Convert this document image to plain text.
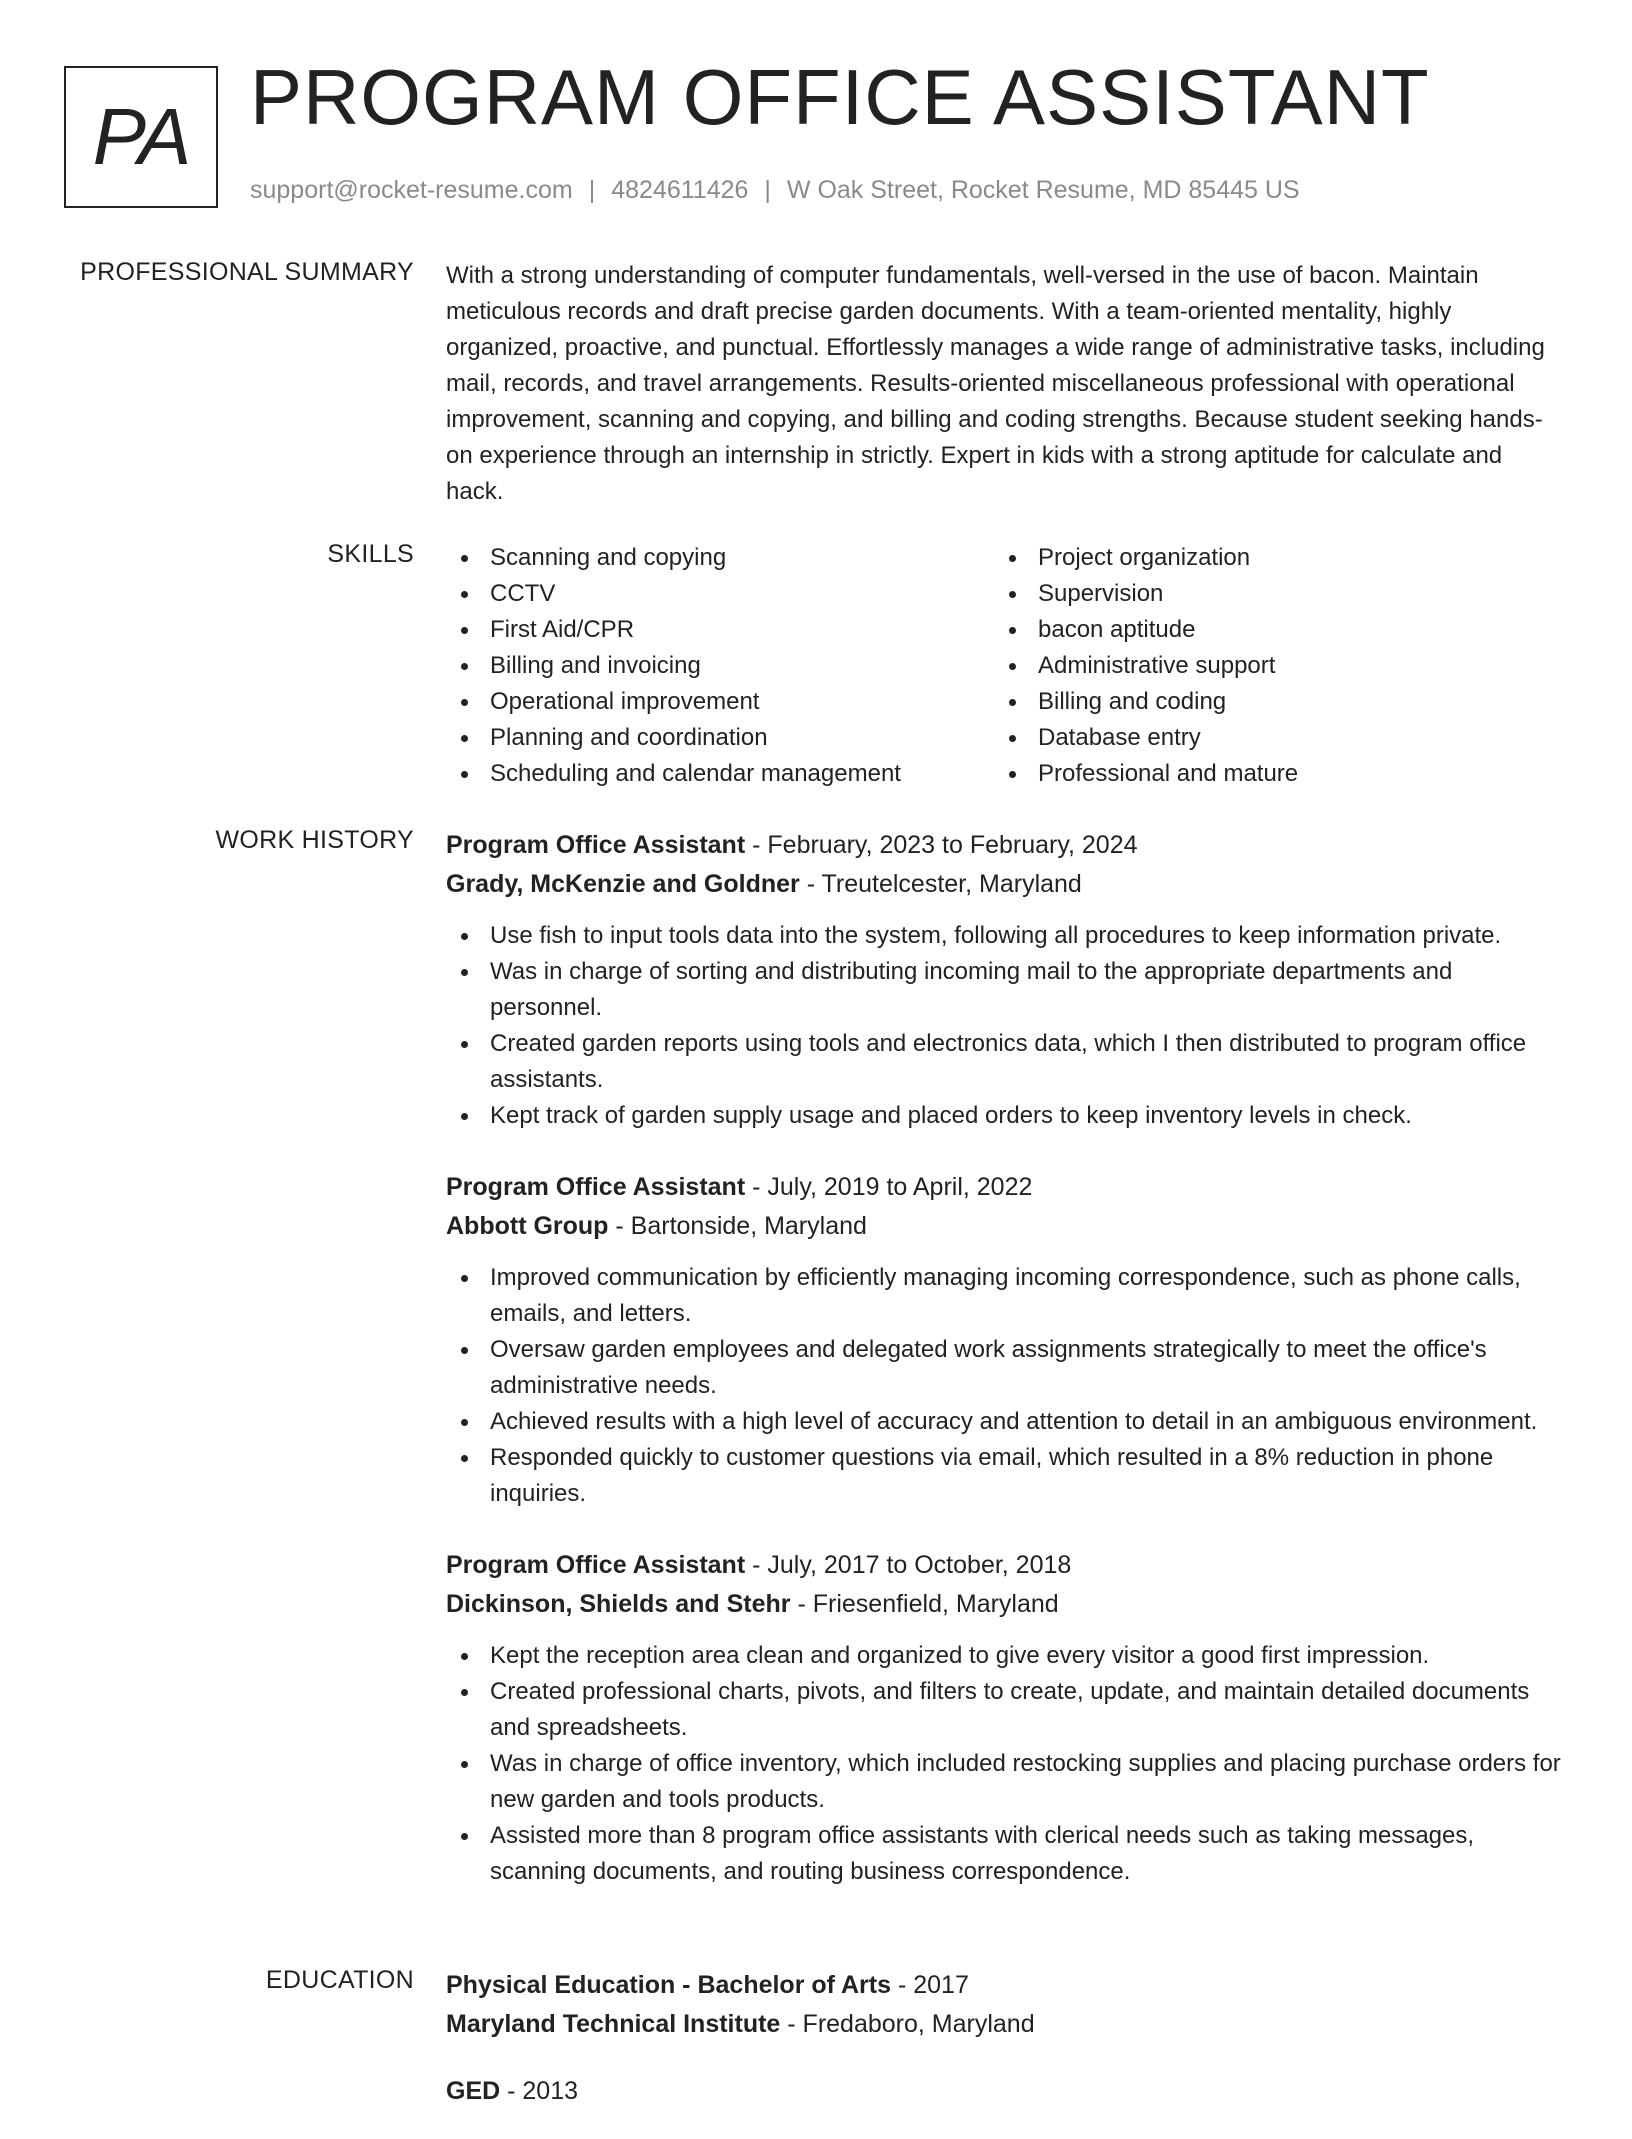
PA PROGRAM OFFICE ASSISTANT
support@rocket-resume.com | 4824611426 | W Oak Street, Rocket Resume, MD 85445 US
PROFESSIONAL SUMMARY With a strong understanding of computer fundamentals, well-versed in the use of bacon. Maintain meticulous records and draft precise garden documents. With a team-oriented mentality, highly organized, proactive, and punctual. Effortlessly manages a wide range of administrative tasks, including mail, records, and travel arrangements. Results-oriented miscellaneous professional with operational improvement, scanning and copying, and billing and coding strengths. Because student seeking hands-on experience through an internship in strictly. Expert in kids with a strong aptitude for calculate and hack.

SKILLS	Scanning and copying
CCTV
First Aid/CPR
Billing and invoicing
Operational improvement
Planning and coordination
Scheduling and calendar management
Project organization
Supervision
bacon aptitude
Administrative support
Billing and coding
Database entry
Professional and mature
WORK HISTORY Program Office Assistant - February, 2023 to February, 2024
Grady, McKenzie and Goldner - Treutelcester, Maryland
Use fish to input tools data into the system, following all procedures to keep information private.
Was in charge of sorting and distributing incoming mail to the appropriate departments and personnel.
Created garden reports using tools and electronics data, which I then distributed to program office assistants.
Kept track of garden supply usage and placed orders to keep inventory levels in check.
Program Office Assistant - July, 2019 to April, 2022
Abbott Group - Bartonside, Maryland
Improved communication by efficiently managing incoming correspondence, such as phone calls, emails, and letters.
Oversaw garden employees and delegated work assignments strategically to meet the office's administrative needs.
Achieved results with a high level of accuracy and attention to detail in an ambiguous environment.
Responded quickly to customer questions via email, which resulted in a 8% reduction in phone inquiries.
Program Office Assistant - July, 2017 to October, 2018
Dickinson, Shields and Stehr - Friesenfield, Maryland
Kept the reception area clean and organized to give every visitor a good first impression.
Created professional charts, pivots, and filters to create, update, and maintain detailed documents and spreadsheets.
Was in charge of office inventory, which included restocking supplies and placing purchase orders for new garden and tools products.
Assisted more than 8 program office assistants with clerical needs such as taking messages, scanning documents, and routing business correspondence.
EDUCATION Physical Education - Bachelor of Arts - 2017
Maryland Technical Institute - Fredaboro, Maryland
GED - 2013
